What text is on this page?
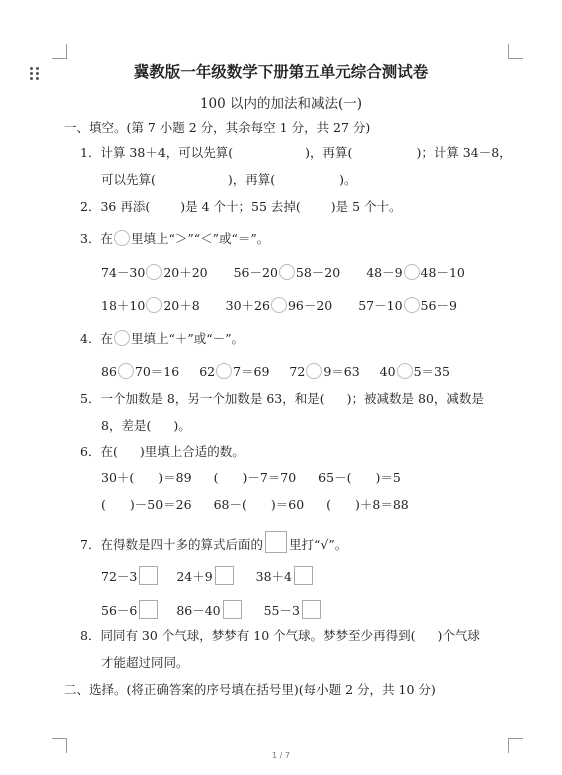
冀教版一年级数学下册第五单元综合测试卷
100 以内的加法和减法(一)
一、填空。(第 7 小题 2 分，其余每空 1 分，共 27 分)
1．计算 38＋4，可以先算(	)，再算(	)；计算 34－8，
可以先算(	)，再算(	)。
2．36 再添( )是 4 个十；55 去掉( )是 5 个十。
3．在 里填上“＞”“＜”或“＝”。
74－30 20＋20 56－20 58－20 48－9 48－10
18＋10 20＋8 30＋26 96－20 57－10 56－9
4．在 里填上“＋”或“－”。
86 70＝16 62 7＝69 72 9＝63 40 5＝35
5．一个加数是 8，另一个加数是 63，和是( )；被减数是 80，减数是
8，差是( )。
6．在( )里填上合适的数。
30＋( )＝89 ( )－7＝70 65－( )＝5
( )－50＝26 68－( )＝60 ( )＋8＝88
7．在得数是四十多的算式后面的 里打“√”。
72－3	24＋9	38＋4
56－6	86－40	55－3
8．同同有 30 个气球，梦梦有 10 个气球。梦梦至少再得到( )个气球
才能超过同同。
二、选择。(将正确答案的序号填在括号里)(每小题 2 分，共 10 分)
1 / 7
